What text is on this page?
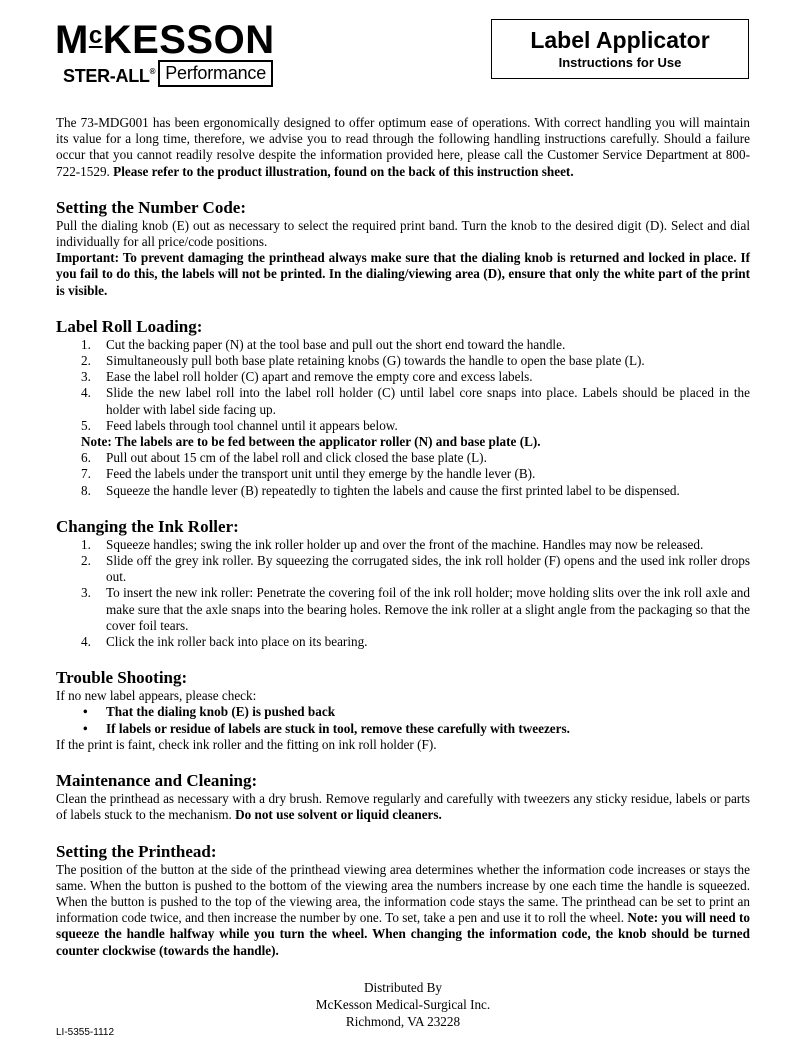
$M^cKESSON$
STER-ALL® Performance
Label Applicator
Instructions for Use

The 73-MDG001 has been ergonomically designed to offer optimum ease of operations. With correct handling you will maintain its value for a long time, therefore, we advise you to read through the following handling instructions carefully. Should a failure occur that you cannot readily resolve despite the information provided here, please call the Customer Service Department at 800-722-1529. Please refer to the product illustration, found on the back of this instruction sheet.

Setting the Number Code:

Pull the dialing knob (E) out as necessary to select the required print band. Turn the knob to the desired digit (D). Select and dial individually for all price/code positions.

Important: To prevent damaging the printhead always make sure that the dialing knob is returned and locked in place. If you fail to do this, the labels will not be printed. In the dialing/viewing area (D), ensure that only the white part of the print is visible.

Label Roll Loading:
1. Cut the backing paper (N) at the tool base and pull out the short end toward the handle.
2. Simultaneously pull both base plate retaining knobs (G) towards the handle to open the base plate (L).
3. Ease the label roll holder (C) apart and remove the empty core and excess labels.
4. Slide the new label roll into the label roll holder (C) until label core snaps into place. Labels should be placed in the holder with label side facing up.
5. Feed labels through tool channel until it appears below.
Note: The labels are to be fed between the applicator roller (N) and base plate (L).
6. Pull out about 15 cm of the label roll and click closed the base plate (L).
7. Feed the labels under the transport unit until they emerge by the handle lever (B).
8. Squeeze the handle lever (B) repeatedly to tighten the labels and cause the first printed label to be dispensed.
Changing the Ink Roller:
1. Squeeze handles; swing the ink roller holder up and over the front of the machine. Handles may now be released.
2. Slide off the grey ink roller. By squeezing the corrugated sides, the ink roll holder (F) opens and the used ink roller drops out.
3. To insert the new ink roller: Penetrate the covering foil of the ink roll holder; move holding slits over the ink roll axle and make sure that the axle snaps into the bearing holes. Remove the ink roller at a slight angle from the packaging so that the cover foil tears.
4. Click the ink roller back into place on its bearing.
Trouble Shooting:

If no new label appears, please check:

• That the dialing knob (E) is pushed back
• If labels or residue of labels are stuck in tool, remove these carefully with tweezers.

If the print is faint, check ink roller and the fitting on ink roll holder (F).

Maintenance and Cleaning:

Clean the printhead as necessary with a dry brush. Remove regularly and carefully with tweezers any sticky residue, labels or parts of labels stuck to the mechanism. Do not use solvent or liquid cleaners.

Setting the Printhead:

The position of the button at the side of the printhead viewing area determines whether the information code increases or stays the same. When the button is pushed to the bottom of the viewing area the numbers increase by one each time the handle is squeezed. When the button is pushed to the top of the viewing area, the information code stays the same. The printhead can be set to print an information code twice, and then increase the number by one. To set, take a pen and use it to roll the wheel. Note: you will need to squeeze the handle halfway while you turn the wheel. When changing the information code, the knob should be turned counter clockwise (towards the handle).

Distributed By
McKesson Medical-Surgical Inc.
Richmond, VA 23228
LI-5355-1112
